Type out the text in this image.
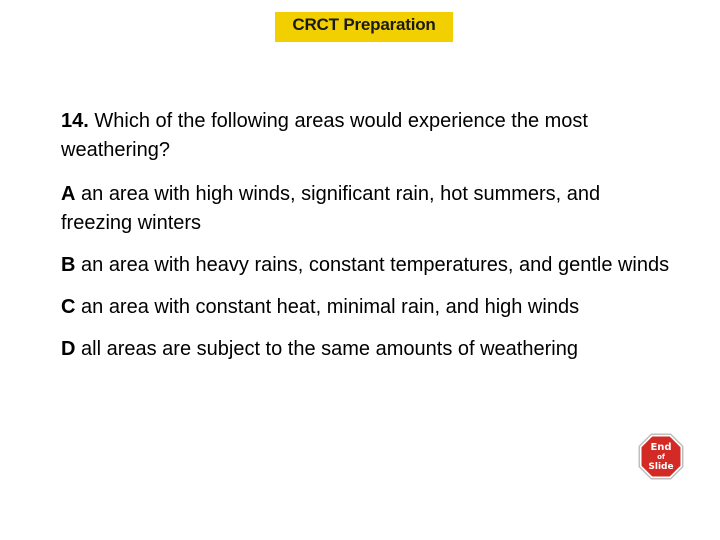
CRCT Preparation

14. Which of the following areas would experience the most weathering?

A an area with high winds, significant rain, hot summers, and freezing winters

B an area with heavy rains, constant temperatures, and gentle winds

C an area with constant heat, minimal rain, and high winds

D all areas are subject to the same amounts of weathering

End
of
Slide
